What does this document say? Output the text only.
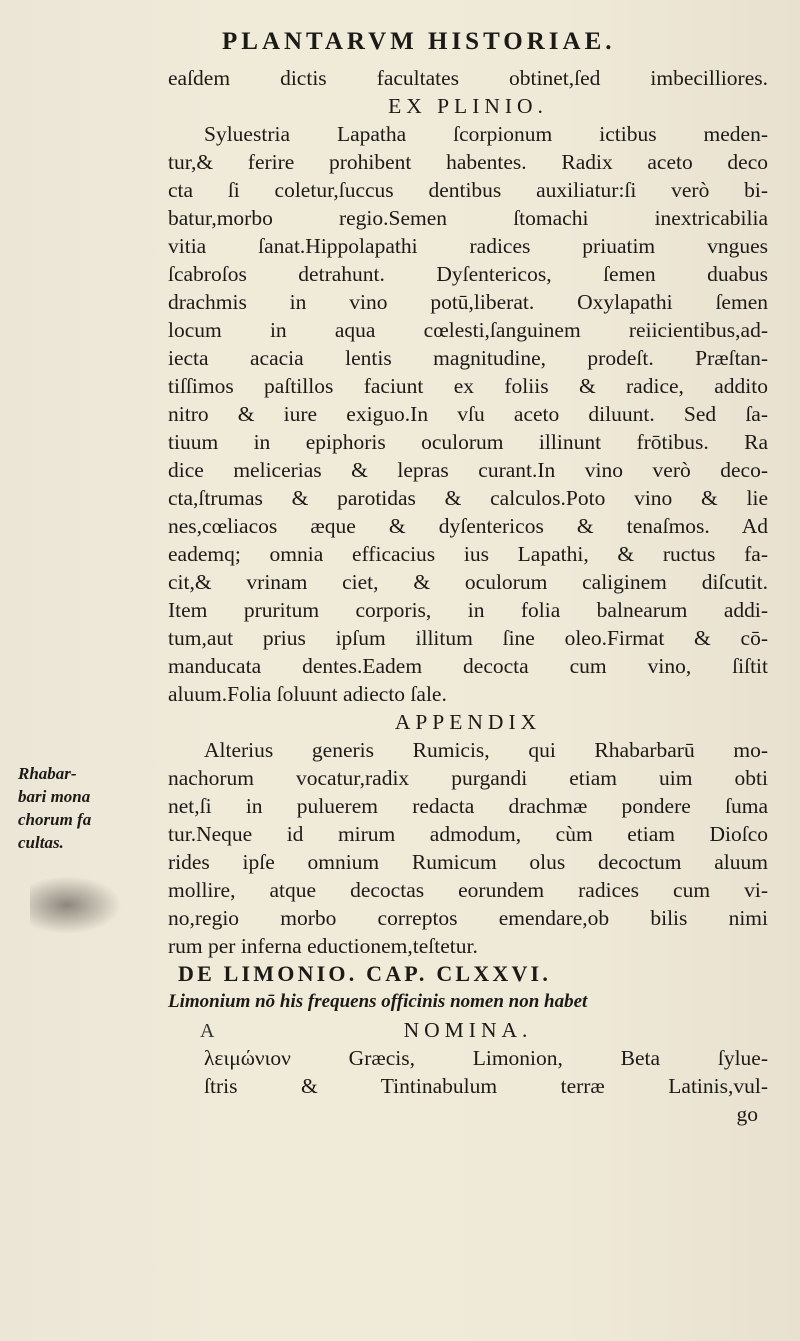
PLANTARVM HISTORIAE.
eaſdem dictis facultates obtinet,ſed imbecilliores.
EX PLINIO.
Syluestria Lapatha ſcorpionum ictibus meden-
tur,& ferire prohibent habentes. Radix aceto deco
cta ſi coletur,ſuccus dentibus auxiliatur:ſi verò bi-
batur,morbo regio.Semen ſtomachi inextricabilia
vitia ſanat.Hippolapathi radices priuatim vngues
ſcabroſos detrahunt. Dyſentericos, ſemen duabus
drachmis in vino potū,liberat. Oxylapathi ſemen
locum in aqua cœlesti,ſanguinem reiicientibus,ad-
iecta acacia lentis magnitudine, prodeſt. Præſtan-
tiſſimos paſtillos faciunt ex foliis & radice, addito
nitro & iure exiguo.In vſu aceto diluunt. Sed ſa-
tiuum in epiphoris oculorum illinunt frōtibus. Ra
dice melicerias & lepras curant.In vino verò deco-
cta,ſtrumas & parotidas & calculos.Poto vino & lie
nes,cœliacos æque & dyſentericos & tenaſmos. Ad
eademq; omnia efficacius ius Lapathi, & ructus fa-
cit,& vrinam ciet, & oculorum caliginem diſcutit.
Item pruritum corporis, in folia balnearum addi-
tum,aut prius ipſum illitum ſine oleo.Firmat & cō-
manducata dentes.Eadem decocta cum vino, ſiſtit
aluum.Folia ſoluunt adiecto ſale.
APPENDIX
Alterius generis Rumicis, qui Rhabarbarū mo-
nachorum vocatur,radix purgandi etiam uim obti
net,ſi in puluerem redacta drachmæ pondere ſuma
tur.Neque id mirum admodum, cùm etiam Dioſco
rides ipſe omnium Rumicum olus decoctum aluum
mollire, atque decoctas eorundem radices cum vi-
no,regio morbo correptos emendare,ob bilis nimi
rum per inferna eductionem,teſtetur.
DE LIMONIO. CAP. CLXXVI.
Limonium nō his frequens officinis nomen non habet
NOMINA.
λειμώνιον Græcis, Limonion, Beta ſylue-
ſtris & Tintinabulum terræ Latinis,vul-
go
Rhabar-
bari mona
chorum fa
cultas.
A
